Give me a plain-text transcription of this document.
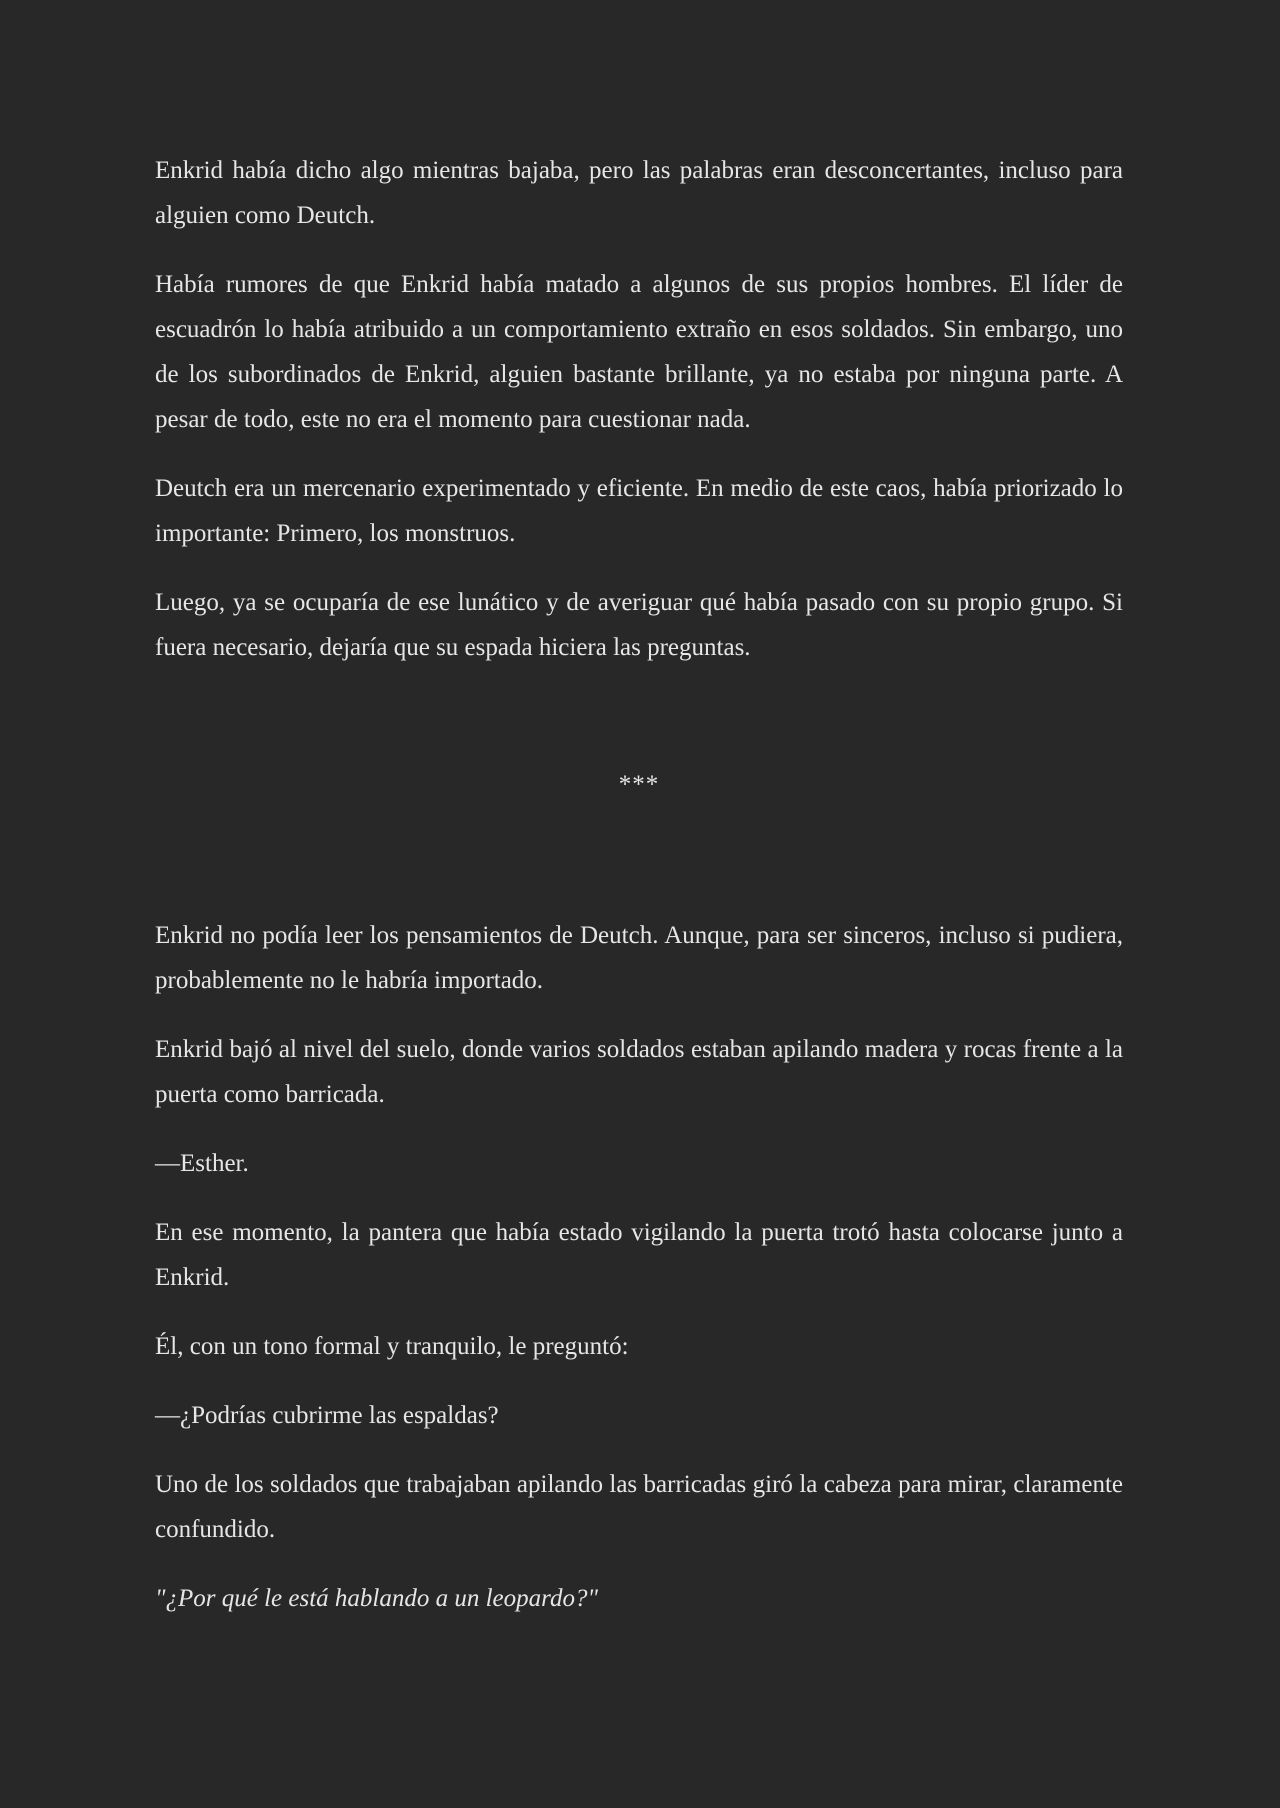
Enkrid había dicho algo mientras bajaba, pero las palabras eran desconcertantes, incluso para alguien como Deutch.

Había rumores de que Enkrid había matado a algunos de sus propios hombres. El líder de escuadrón lo había atribuido a un comportamiento extraño en esos soldados. Sin embargo, uno de los subordinados de Enkrid, alguien bastante brillante, ya no estaba por ninguna parte. A pesar de todo, este no era el momento para cuestionar nada.

Deutch era un mercenario experimentado y eficiente. En medio de este caos, había priorizado lo importante: Primero, los monstruos.

Luego, ya se ocuparía de ese lunático y de averiguar qué había pasado con su propio grupo. Si fuera necesario, dejaría que su espada hiciera las preguntas.

***

Enkrid no podía leer los pensamientos de Deutch. Aunque, para ser sinceros, incluso si pudiera, probablemente no le habría importado.

Enkrid bajó al nivel del suelo, donde varios soldados estaban apilando madera y rocas frente a la puerta como barricada.

—Esther.

En ese momento, la pantera que había estado vigilando la puerta trotó hasta colocarse junto a Enkrid.

Él, con un tono formal y tranquilo, le preguntó:

—¿Podrías cubrirme las espaldas?

Uno de los soldados que trabajaban apilando las barricadas giró la cabeza para mirar, claramente confundido.

"¿Por qué le está hablando a un leopardo?"
